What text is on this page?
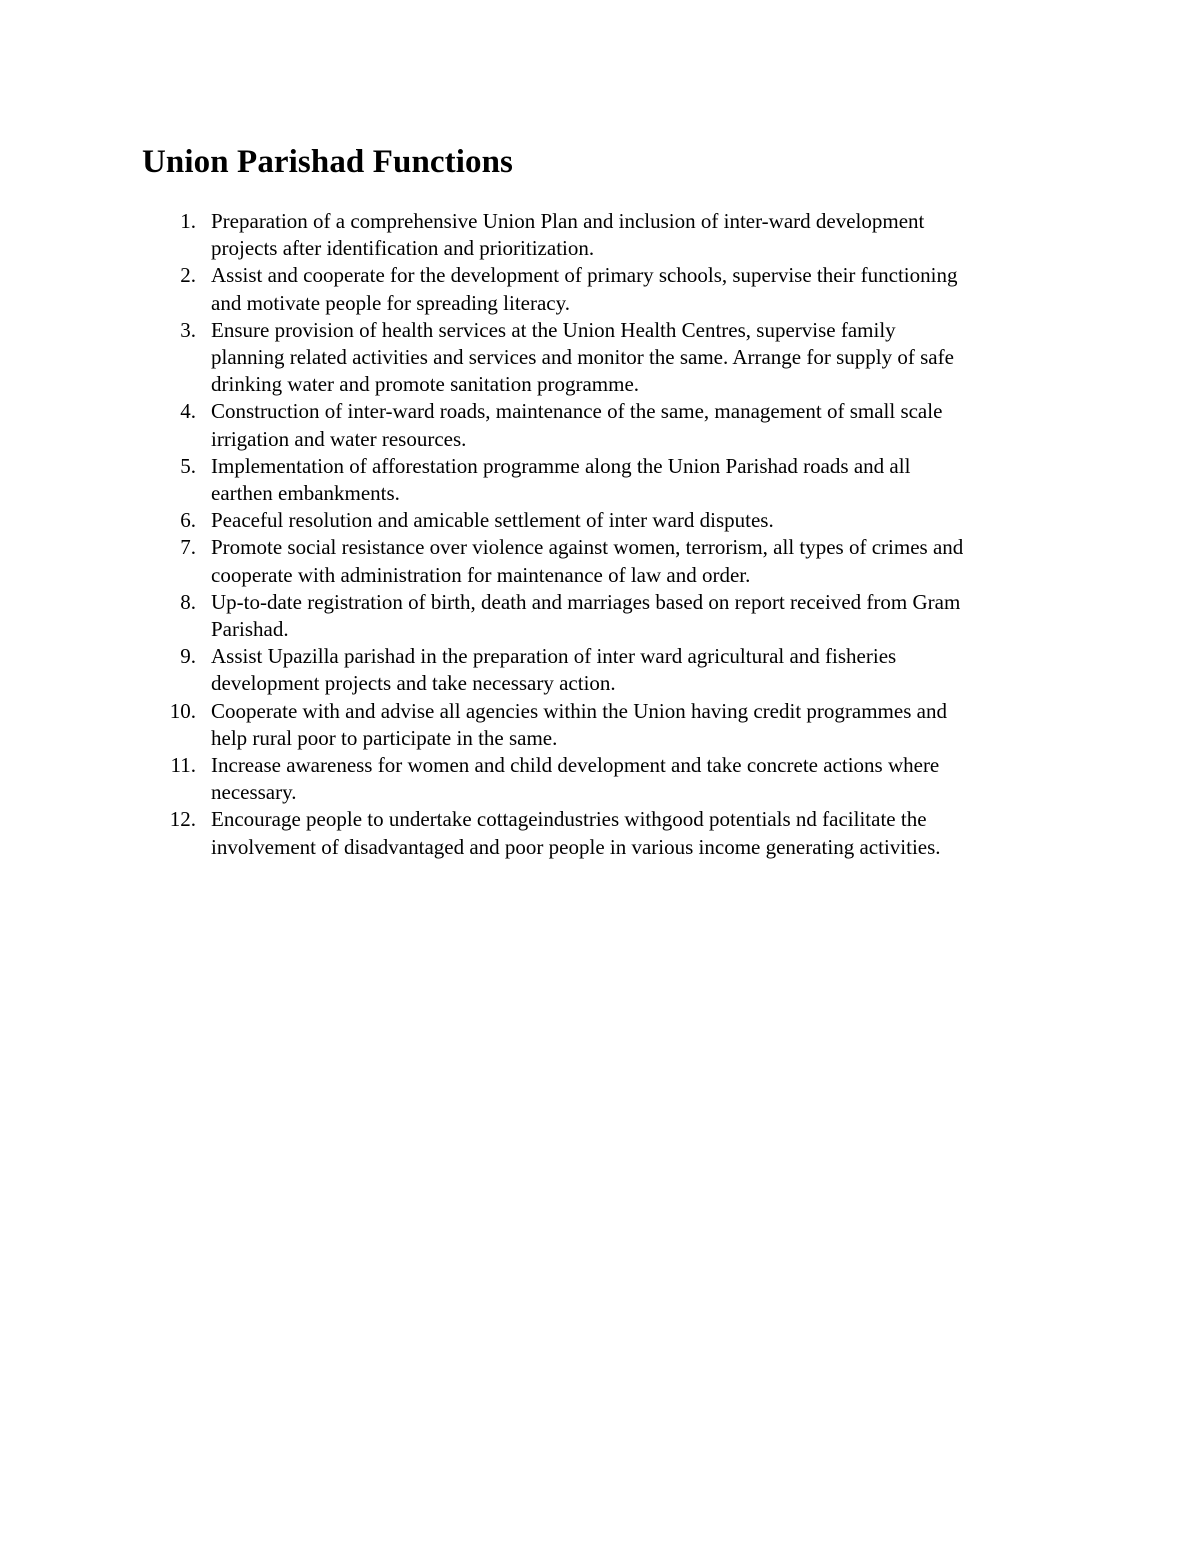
Union Parishad Functions
1. Preparation of a comprehensive Union Plan and inclusion of inter-ward development
projects after identification and prioritization.
2. Assist and cooperate for the development of primary schools, supervise their functioning
and motivate people for spreading literacy.
3. Ensure provision of health services at the Union Health Centres, supervise family
planning related activities and services and monitor the same. Arrange for supply of safe
drinking water and promote sanitation programme.
4. Construction of inter-ward roads, maintenance of the same, management of small scale
irrigation and water resources.
5. Implementation of afforestation programme along the Union Parishad roads and all
earthen embankments.
6. Peaceful resolution and amicable settlement of inter ward disputes.
7. Promote social resistance over violence against women, terrorism, all types of crimes and
cooperate with administration for maintenance of law and order.
8. Up-to-date registration of birth, death and marriages based on report received from Gram
Parishad.
9. Assist Upazilla parishad in the preparation of inter ward agricultural and fisheries
development projects and take necessary action.
10. Cooperate with and advise all agencies within the Union having credit programmes and
help rural poor to participate in the same.
11. Increase awareness for women and child development and take concrete actions where
necessary.
12. Encourage people to undertake cottageindustries withgood potentials nd facilitate the
involvement of disadvantaged and poor people in various income generating activities.
